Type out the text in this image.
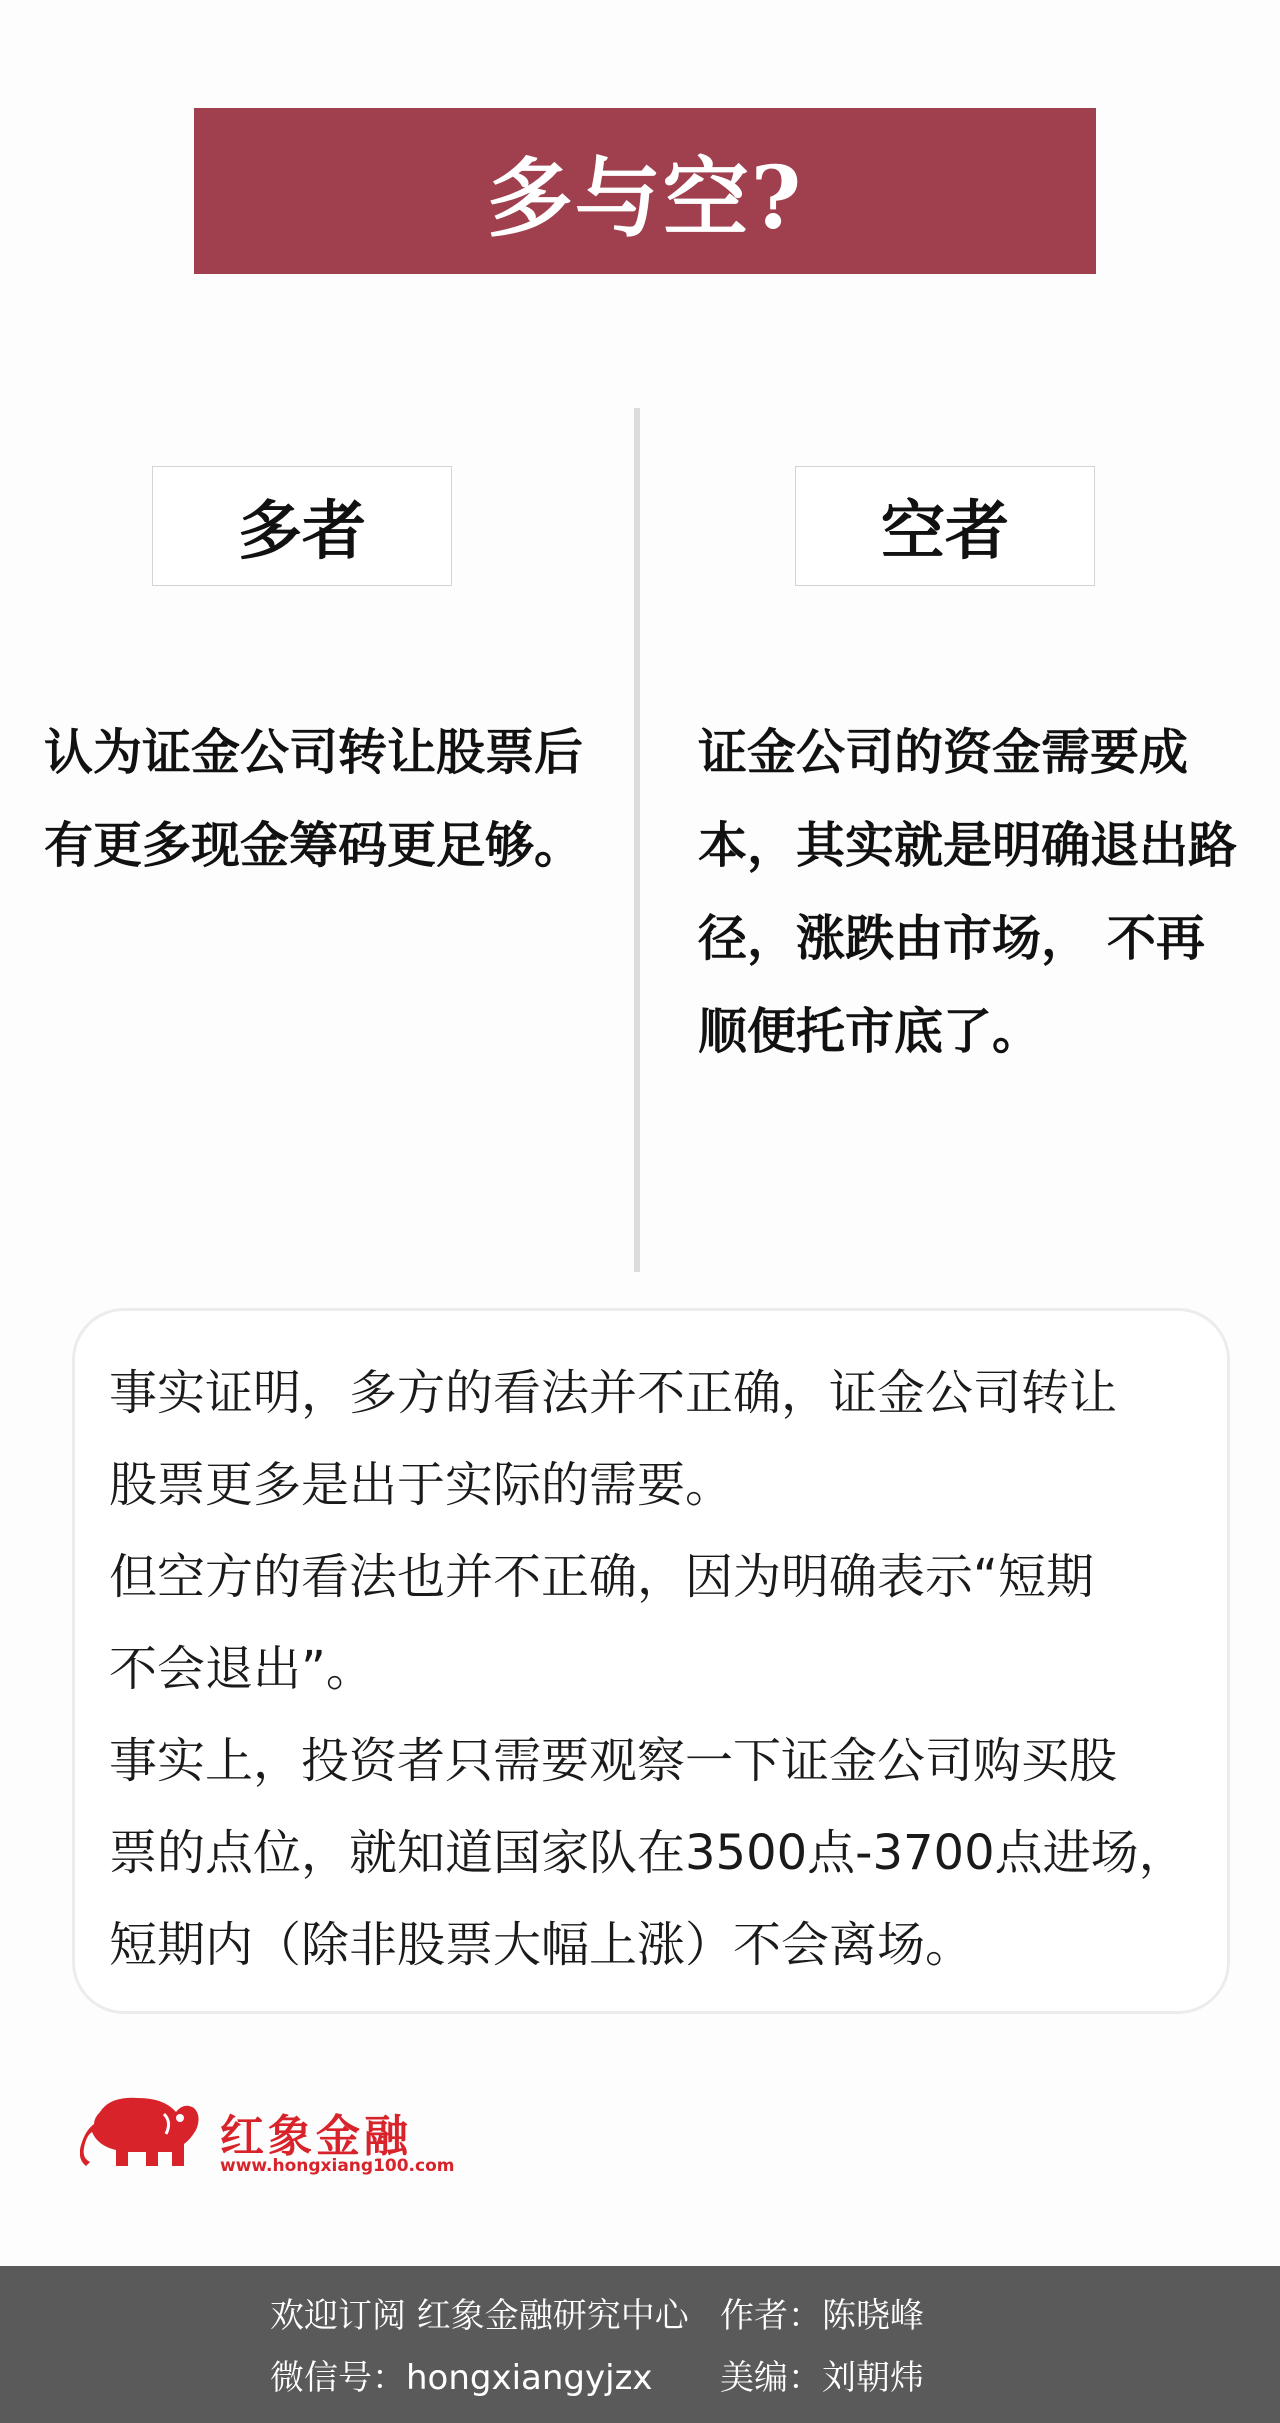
多与空?
多者	空者
认为证金公司转让股票后有更多现金筹码更足够。
证金公司的资金需要成本，其实就是明确退出路径，涨跌由市场， 不再顺便托市底了。
事实证明，多方的看法并不正确，证金公司转让
股票更多是出于实际的需要。
但空方的看法也并不正确，因为明确表示“短期
不会退出”。
事实上，投资者只需要观察一下证金公司购买股
票的点位，就知道国家队在3500点-3700点进场，
短期内（除非股票大幅上涨）不会离场。
红象金融
www.hongxiang100.com
欢迎订阅 红象金融研究中心 作者：陈晓峰
微信号：hongxiangyjzx 美编：刘朝炜
